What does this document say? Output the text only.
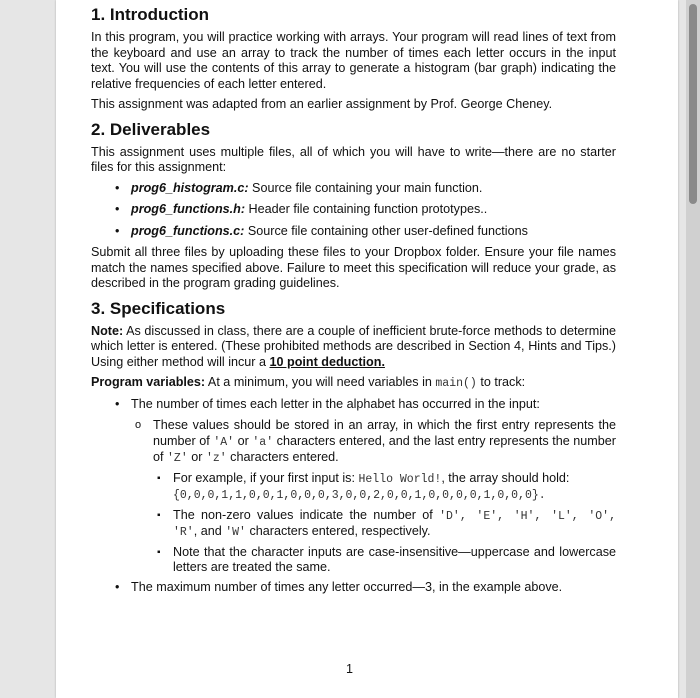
1. Introduction

In this program, you will practice working with arrays. Your program will read lines of text from the keyboard and use an array to track the number of times each letter occurs in the input text. You will use the contents of this array to generate a histogram (bar graph) indicating the relative frequencies of each letter entered.

This assignment was adapted from an earlier assignment by Prof. George Cheney.

2. Deliverables

This assignment uses multiple files, all of which you will have to write—there are no starter files for this assignment:

• prog6_histogram.c: Source file containing your main function.
• prog6_functions.h: Header file containing function prototypes..
• prog6_functions.c: Source file containing other user-defined functions

Submit all three files by uploading these files to your Dropbox folder. Ensure your file names match the names specified above. Failure to meet this specification will reduce your grade, as described in the program grading guidelines.

3. Specifications

Note: As discussed in class, there are a couple of inefficient brute-force methods to determine which letter is entered. (These prohibited methods are described in Section 4, Hints and Tips.) Using either method will incur a 10 point deduction.

Program variables: At a minimum, you will need variables in main() to track:

• The number of times each letter in the alphabet has occurred in the input:
o These values should be stored in an array, in which the first entry represents the number of 'A' or 'a' characters entered, and the last entry represents the number of 'Z' or 'z' characters entered.
▪ For example, if your first input is: Hello World!, the array should hold:
{0,0,0,1,1,0,0,1,0,0,0,3,0,0,2,0,0,1,0,0,0,0,1,0,0,0}.
▪ The non-zero values indicate the number of 'D', 'E', 'H', 'L', 'O', 'R', and 'W' characters entered, respectively.
▪ Note that the character inputs are case-insensitive—uppercase and lowercase letters are treated the same.
• The maximum number of times any letter occurred—3, in the example above.
1
